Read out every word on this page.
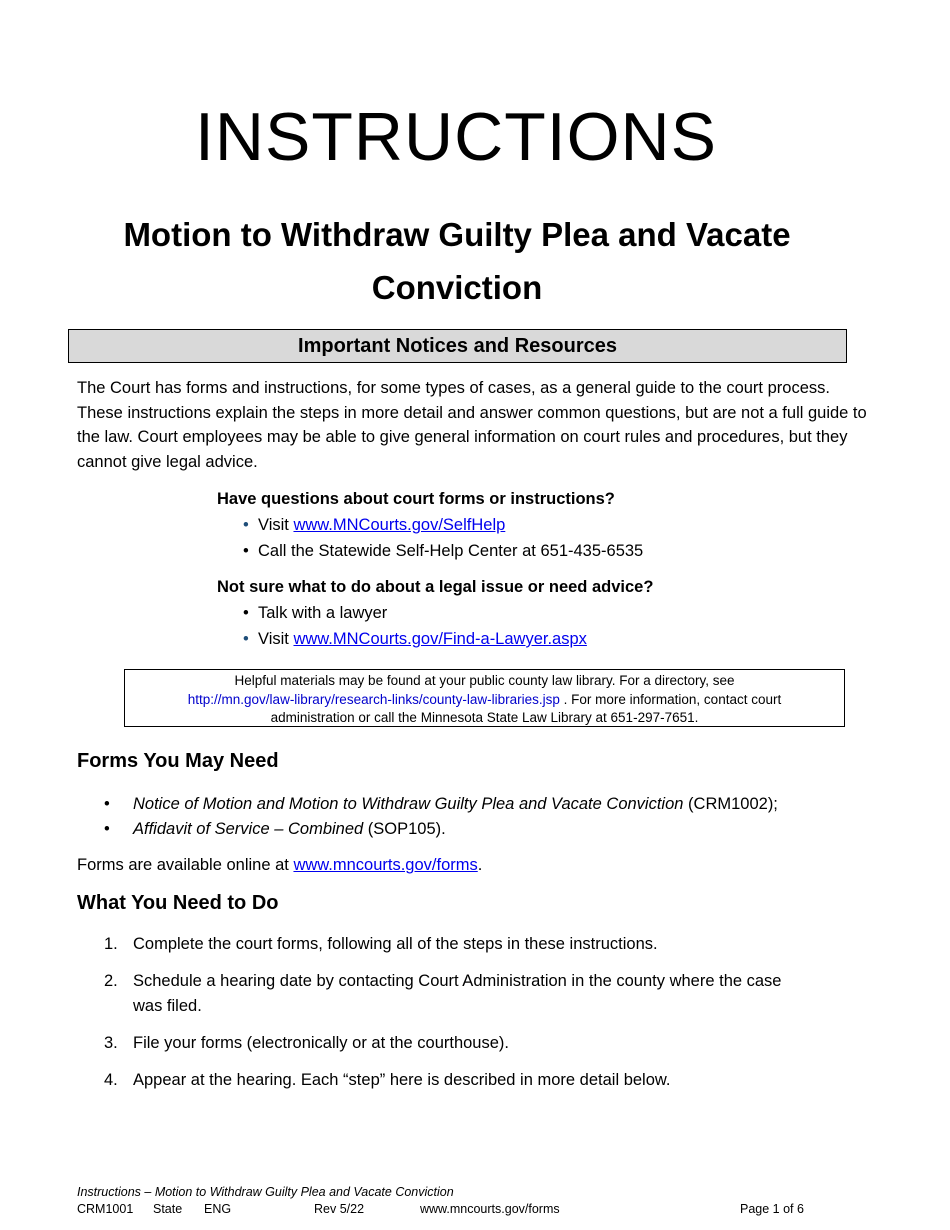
INSTRUCTIONS
Motion to Withdraw Guilty Plea and Vacate
Conviction
Important Notices and Resources
The Court has forms and instructions, for some types of cases, as a general guide to the court process. These instructions explain the steps in more detail and answer common questions, but are not a full guide to the law. Court employees may be able to give general information on court rules and procedures, but they cannot give legal advice.
Have questions about court forms or instructions?
• Visit www.MNCourts.gov/SelfHelp
• Call the Statewide Self-Help Center at 651-435-6535
Not sure what to do about a legal issue or need advice?
• Talk with a lawyer
• Visit www.MNCourts.gov/Find-a-Lawyer.aspx
Helpful materials may be found at your public county law library. For a directory, see
http://mn.gov/law-library/research-links/county-law-libraries.jsp . For more information, contact court
administration or call the Minnesota State Law Library at 651-297-7651.
Forms You May Need
• Notice of Motion and Motion to Withdraw Guilty Plea and Vacate Conviction (CRM1002);
• Affidavit of Service – Combined (SOP105).
Forms are available online at www.mncourts.gov/forms.
What You Need to Do
1. Complete the court forms, following all of the steps in these instructions.
2. Schedule a hearing date by contacting Court Administration in the county where the case was filed.
3. File your forms (electronically or at the courthouse).
4. Appear at the hearing. Each “step” here is described in more detail below.
Instructions – Motion to Withdraw Guilty Plea and Vacate Conviction
CRM1001 State ENG	Rev 5/22	www.mncourts.gov/forms	Page 1 of 6
